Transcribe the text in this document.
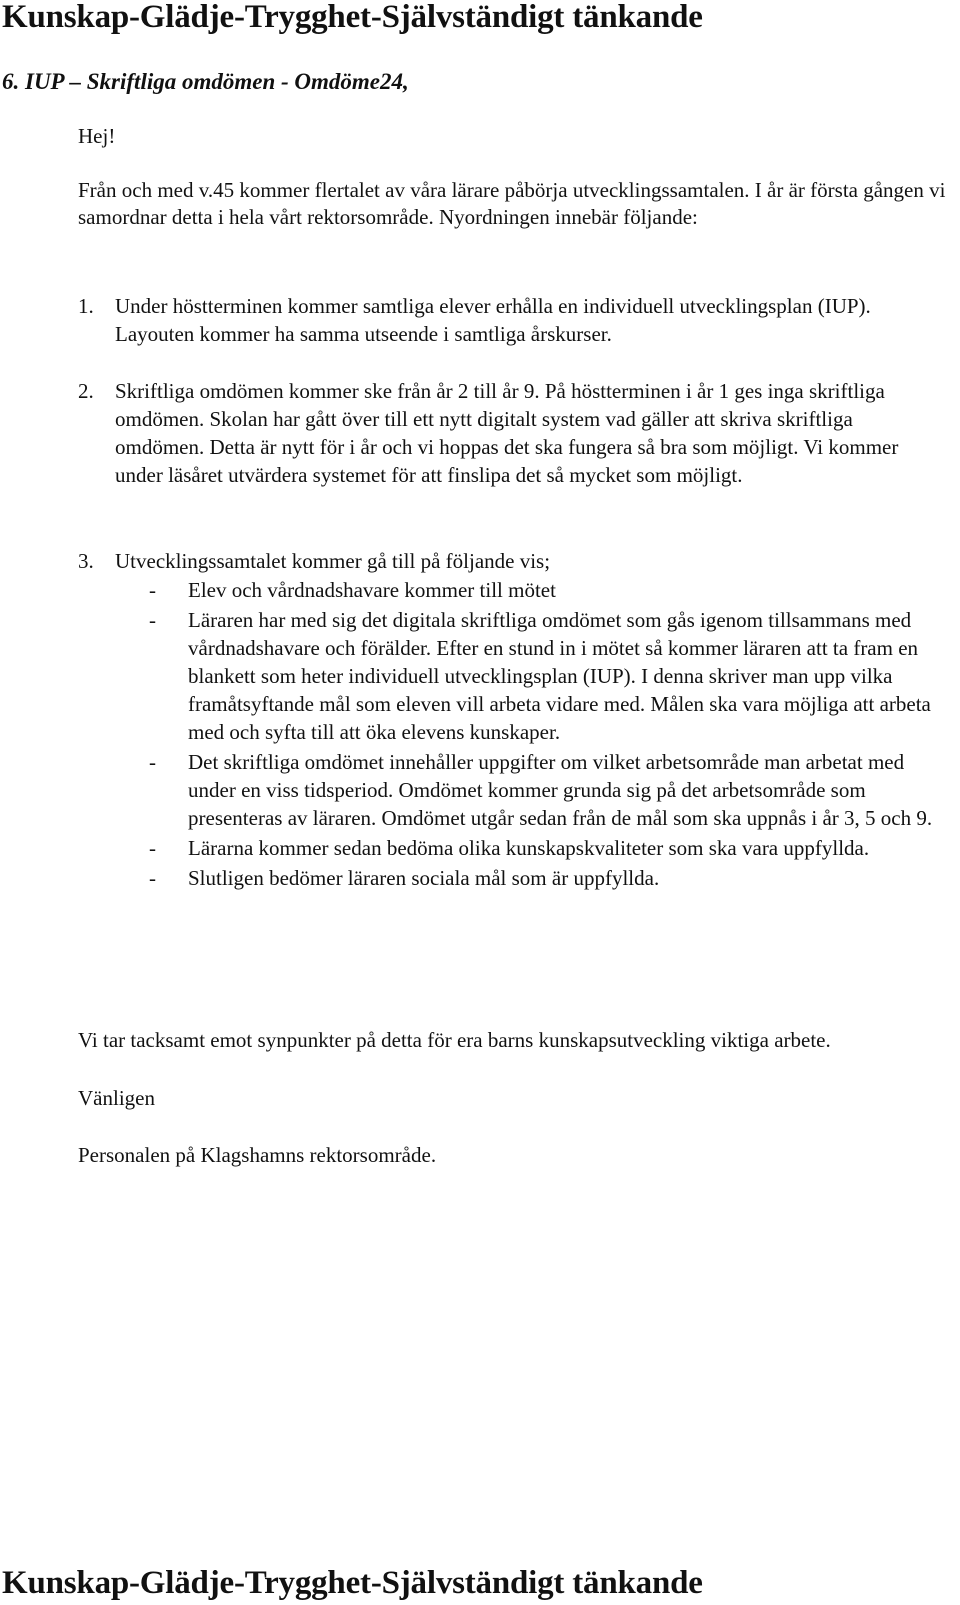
Kunskap-Glädje-Trygghet-Självständigt tänkande
6. IUP – Skriftliga omdömen - Omdöme24,
Hej!
Från och med v.45 kommer flertalet av våra lärare påbörja utvecklingssamtalen. I år är första gången vi samordnar detta i hela vårt rektorsområde. Nyordningen innebär följande:
1. Under höstterminen kommer samtliga elever erhålla en individuell utvecklingsplan (IUP). Layouten kommer ha samma utseende i samtliga årskurser.
2. Skriftliga omdömen kommer ske från år 2 till år 9. På höstterminen i år 1 ges inga skriftliga omdömen. Skolan har gått över till ett nytt digitalt system vad gäller att skriva skriftliga omdömen. Detta är nytt för i år och vi hoppas det ska fungera så bra som möjligt. Vi kommer under läsåret utvärdera systemet för att finslipa det så mycket som möjligt.
3. Utvecklingssamtalet kommer gå till på följande vis;
- Elev och vårdnadshavare kommer till mötet
- Läraren har med sig det digitala skriftliga omdömet som gås igenom tillsammans med vårdnadshavare och förälder. Efter en stund in i mötet så kommer läraren att ta fram en blankett som heter individuell utvecklingsplan (IUP). I denna skriver man upp vilka framåtsyftande mål som eleven vill arbeta vidare med. Målen ska vara möjliga att arbeta med och syfta till att öka elevens kunskaper.
- Det skriftliga omdömet innehåller uppgifter om vilket arbetsområde man arbetat med under en viss tidsperiod. Omdömet kommer grunda sig på det arbetsområde som presenteras av läraren. Omdömet utgår sedan från de mål som ska uppnås i år 3, 5 och 9.
- Lärarna kommer sedan bedöma olika kunskapskvaliteter som ska vara uppfyllda.
- Slutligen bedömer läraren sociala mål som är uppfyllda.
Vi tar tacksamt emot synpunkter på detta för era barns kunskapsutveckling viktiga arbete.
Vänligen
Personalen på Klagshamns rektorsområde.
Kunskap-Glädje-Trygghet-Självständigt tänkande
